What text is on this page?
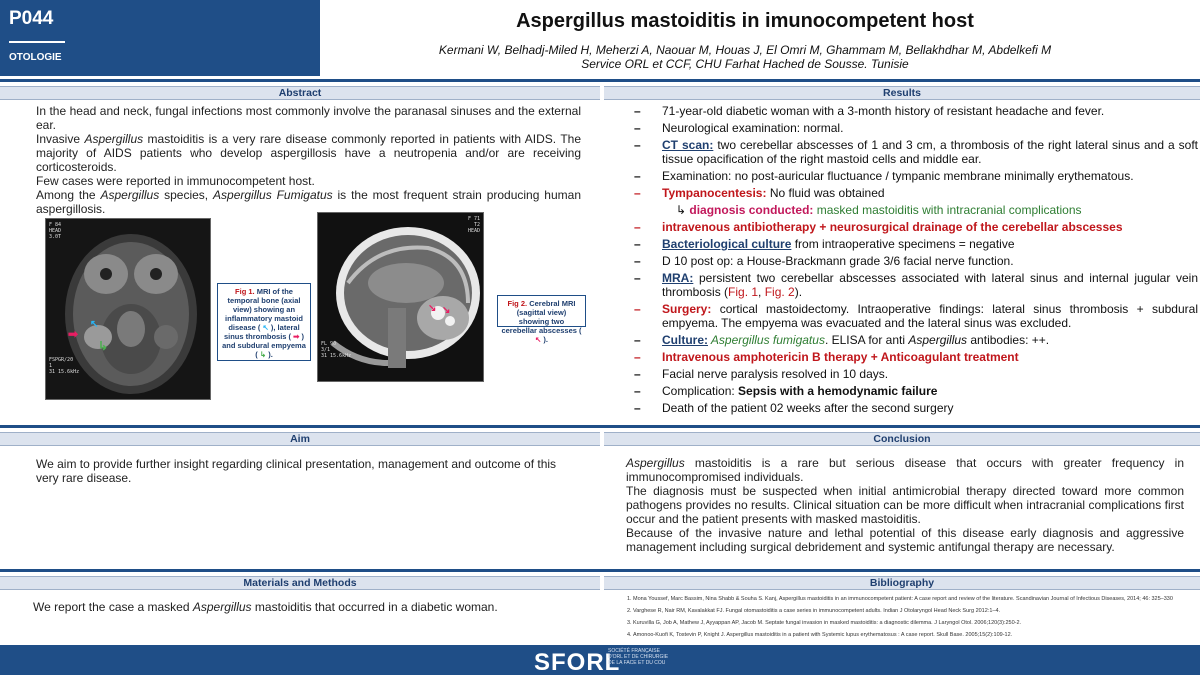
P044
OTOLOGIE
Aspergillus mastoiditis in imunocompetent host
Kermani W, Belhadj-Miled H, Meherzi A, Naouar M, Houas J, El Omri M, Ghammam M, Bellakhdhar M, Abdelkefi M
Service ORL et CCF, CHU Farhat Hached de Sousse. Tunisie
Abstract	Results
In the head and neck, fungal infections most commonly involve the paranasal sinuses and the external ear.
Invasive Aspergillus mastoiditis is a very rare disease commonly reported in patients with AIDS. The majority of AIDS patients who develop aspergillosis have a neutropenia and/or are receiving corticosteroids.
Few cases were reported in immunocompetent host.
Among the Aspergillus species, Aspergillus Fumigatus is the most frequent strain producing human aspergillosis.
F 84
HEAD
3.0T
FSPGR/20
1
31 15.6kHz
➡
↖
↳
Fig 1. MRI of the temporal bone (axial view) showing an inflammatory mastoid disease ( ↖ ), lateral sinus thrombosis ( ➡ ) and subdural empyema ( ↳ ).
F 71
T2
HEAD
FL 90
3/1
31 15.6kHz
↘ ↘
Fig 2. Cerebral MRI (sagittal view) showing two cerebellar abscesses ( ↖ ).
– 71-year-old diabetic woman with a 3-month history of resistant headache and fever.
– Neurological examination: normal.
– CT scan: two cerebellar abscesses of 1 and 3 cm, a thrombosis of the right lateral sinus and a soft tissue opacification of the right mastoid cells and middle ear.
– Examination: no post-auricular fluctuance / tympanic membrane minimally erythematous.
– Tympanocentesis: No fluid was obtained
↳ diagnosis conducted: masked mastoiditis with intracranial complications
– intravenous antibiotherapy + neurosurgical drainage of the cerebellar abscesses
– Bacteriological culture from intraoperative specimens = negative
– D 10 post op: a House-Brackmann grade 3/6 facial nerve function.
– MRA: persistent two cerebellar abscesses associated with lateral sinus and internal jugular vein thrombosis (Fig. 1, Fig. 2).
– Surgery: cortical mastoidectomy. Intraoperative findings: lateral sinus thrombosis + subdural empyema. The empyema was evacuated and the lateral sinus was excluded.
– Culture: Aspergillus fumigatus. ELISA for anti Aspergillus antibodies: ++.
– Intravenous amphotericin B therapy + Anticoagulant treatment
– Facial nerve paralysis resolved in 10 days.
– Complication: Sepsis with a hemodynamic failure
– Death of the patient 02 weeks after the second surgery
Aim	Conclusion
We aim to provide further insight regarding clinical presentation, management and outcome of this very rare disease.
Aspergillus mastoiditis is a rare but serious disease that occurs with greater frequency in immunocompromised individuals.
The diagnosis must be suspected when initial antimicrobial therapy directed toward more common pathogens provides no results. Clinical situation can be more difficult when intracranial complications first occur and the patient presents with masked mastoiditis.
Because of the invasive nature and lethal potential of this disease early diagnosis and aggressive management including surgical debridement and systemic antifungal therapy are necessary.
Materials and Methods	Bibliography
We report the case a masked Aspergillus mastoiditis that occurred in a diabetic woman.
1. Mona Youssef, Marc Bassim, Nina Shabb & Souha S. Kanj, Aspergillus mastoiditis in an immunocompetent patient: A case report and review of the literature. Scandinavian Journal of Infectious Diseases, 2014; 46: 325–330
2. Varghese R, Nair RM, Kavalakkat FJ. Fungal otomastoiditis a case series in immunocompetent adults. Indian J Otolaryngol Head Neck Surg 2012:1–4.
3. Kuruvilla G, Job A, Mathew J, Ayyappan AP, Jacob M. Septate fungal invasion in masked mastoiditis: a diagnostic dilemma. J Laryngol Otol. 2006;120(3):250-2.
4. Amonoo-Kuofi K, Tostevin P, Knight J. Aspergillus mastoiditis in a patient with Systemic lupus erythematosus : A case report. Skull Base. 2005;15(2):109-12.
SFORL
SOCIÉTÉ FRANÇAISE
D'ORL ET DE CHIRURGIE
DE LA FACE ET DU COU
